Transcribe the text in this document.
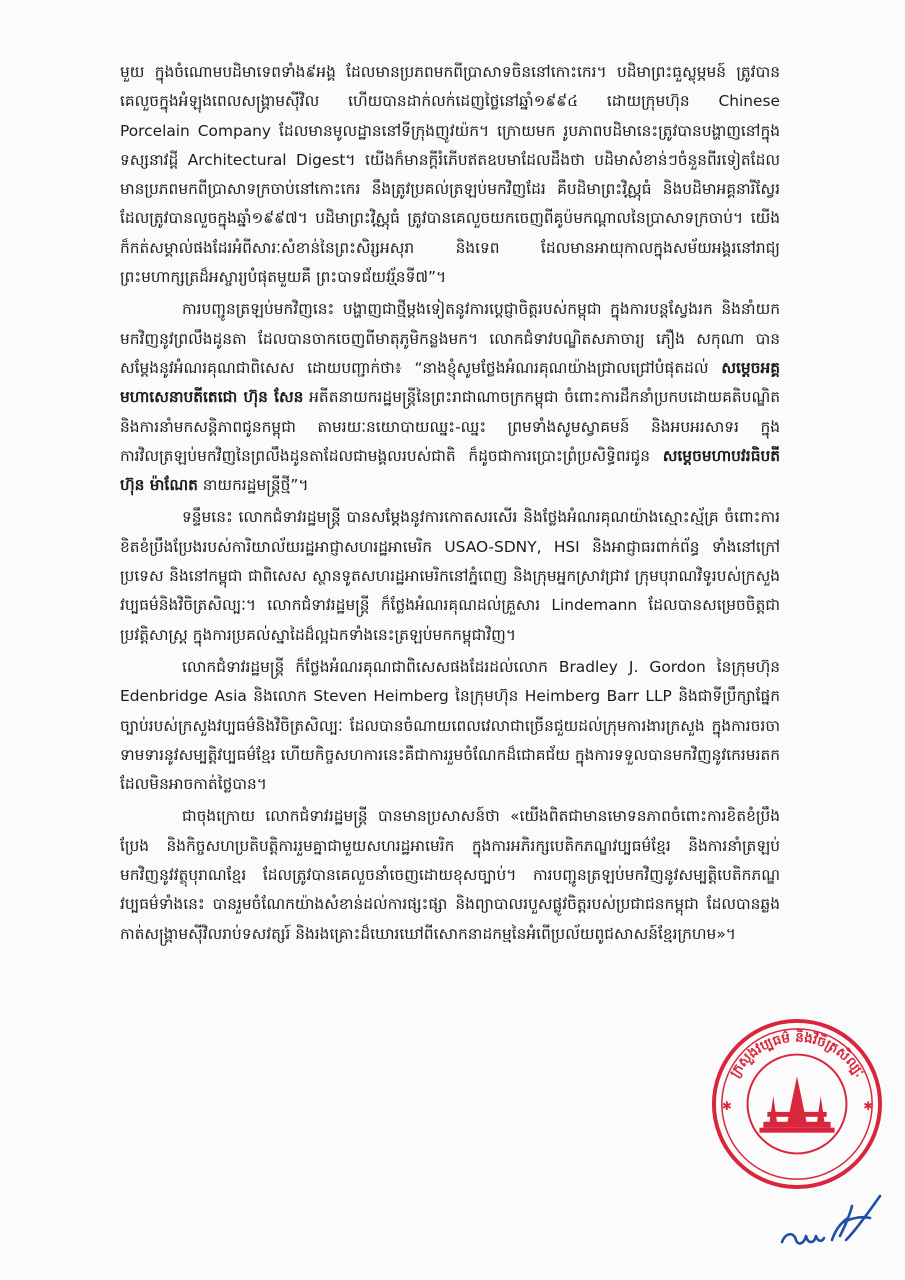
មួយ ក្នុងចំណោមបដិមាទេពទាំង៩អង្គ ដែលមានប្រភពមកពីប្រាសាទចិននៅកោះកេរ។ បដិមាព្រះធួស្លុម្ភមន៍ ត្រូវបានគេលួចក្នុងអំឡុងពេលសង្គ្រាមស៊ីវិល ហើយបានដាក់លក់ដេញថ្លៃនៅឆ្នាំ១៩៩៤ ដោយក្រុមហ៊ុន Chinese Porcelain Company ដែលមានមូលដ្ឋាននៅទីក្រុងញូវយ៉ក។ ក្រោយមក រូបភាពបដិមានេះត្រូវបានបង្ហាញនៅក្នុងទស្សនាវដ្តី Architectural Digest។ យើងក៏មានក្តីរំភើបឥតឧបមាដែលដឹងថា បដិមាសំខាន់ៗចំនួនពីរទៀតដែលមានប្រភពមកពីប្រាសាទក្រចាប់នៅកោះកេរ នឹងត្រូវប្រគល់ត្រឡប់មកវិញដែរ គឺបដិមាព្រះវិស្ណុធំ និងបដិមាអគ្គនារីស្វែរ ដែលត្រូវបានលួចក្នុងឆ្នាំ១៩៩៧។ បដិមាព្រះវិស្ណុធំ ត្រូវបានគេលួចយកចេញពីគូប៉មកណ្តាលនៃប្រាសាទក្រចាប់។ យើងក៏កត់សម្គាល់ផងដែរអំពីសារៈសំខាន់នៃព្រះសិរ្សអសុរា និងទេព ដែលមានអាយុកាលក្នុងសម័យអង្គរនៅរាជ្យព្រះមហាក្សត្រដ៏អស្ចារ្យបំផុតមួយគឺ ព្រះបាទជ័យវរ្ម័នទី៧”។

ការបញ្ជូនត្រឡប់មកវិញនេះ បង្ហាញជាថ្មីម្តងទៀតនូវការប្តេជ្ញាចិត្តរបស់កម្ពុជា ក្នុងការបន្តស្វែងរក និងនាំយកមកវិញនូវព្រលឹងដូនតា ដែលបានចាកចេញពីមាតុភូមិកន្លងមក។ លោកជំទាវបណ្ឌិតសភាចារ្យ ភឿង សកុណា បានសម្តែងនូវអំណរគុណជាពិសេស ដោយបញ្ជាក់ថា៖ “នាងខ្ញុំសូមថ្លែងអំណរគុណយ៉ាងជ្រាលជ្រៅបំផុតដល់ សម្តេចអគ្គមហាសេនាបតីតេជោ ហ៊ុន សែន អតីតនាយករដ្ឋមន្ត្រីនៃព្រះរាជាណាចក្រកម្ពុជា ចំពោះការដឹកនាំប្រកបដោយគតិបណ្ឌិត និងការនាំមកសន្តិភាពជូនកម្ពុជា តាមរយៈនយោបាយឈ្នះ-ឈ្នះ ព្រមទាំងសូមស្វាគមន៍ និងអបអរសាទរ ក្នុងការវិលត្រឡប់មកវិញនៃព្រលឹងដូនតាដែលជាមង្គលរបស់ជាតិ ក៏ដូចជាការប្រោះព្រំប្រសិទ្ធិពរជូន សម្តេចមហាបវរធិបតី ហ៊ុន ម៉ាណែត នាយករដ្ឋមន្ត្រីថ្មី”។

ទន្ទឹមនេះ លោកជំទាវរដ្ឋមន្ត្រី បានសម្តែងនូវការកោតសរសើរ និងថ្លែងអំណរគុណយ៉ាងស្មោះស្ម័គ្រ ចំពោះការខិតខំប្រឹងប្រែងរបស់ការិយាល័យរដ្ឋអាជ្ញាសហរដ្ឋអាមេរិក USAO-SDNY, HSI និងអាជ្ញាធរពាក់ព័ន្ធ ទាំងនៅក្រៅប្រទេស និងនៅកម្ពុជា ជាពិសេស ស្ថានទូតសហរដ្ឋអាមេរិកនៅភ្នំពេញ និងក្រុមអ្នកស្រាវជ្រាវ ក្រុមបុរាណវិទូរបស់ក្រសួងវប្បធម៌និងវិចិត្រសិល្បៈ។ លោកជំទាវរដ្ឋមន្ត្រី ក៏ថ្លែងអំណរគុណដល់គ្រួសារ Lindemann ដែលបានសម្រេចចិត្តជាប្រវត្តិសាស្ត្រ ក្នុងការប្រគល់ស្នាដៃដ៏ល្អឯកទាំងនេះត្រឡប់មកកម្ពុជាវិញ។

លោកជំទាវរដ្ឋមន្ត្រី ក៏ថ្លែងអំណរគុណជាពិសេសផងដែរដល់លោក Bradley J. Gordon នៃក្រុមហ៊ុន Edenbridge Asia និងលោក Steven Heimberg នៃក្រុមហ៊ុន Heimberg Barr LLP និងជាទីប្រឹក្សាផ្នែកច្បាប់របស់ក្រសួងវប្បធម៌និងវិចិត្រសិល្បៈ ដែលបានចំណាយពេលវេលាជាច្រើនជួយដល់ក្រុមការងារក្រសួង ក្នុងការចរចាទាមទារនូវសម្បត្តិវប្បធម៌ខ្មែរ ហើយកិច្ចសហការនេះគឺជាការរួមចំណែកដ៏ជោគជ័យ ក្នុងការទទួលបានមកវិញនូវកេរមរតកដែលមិនអាចកាត់ថ្លៃបាន។

ជាចុងក្រោយ លោកជំទាវរដ្ឋមន្ត្រី បានមានប្រសាសន៍ថា «យើងពិតជាមានមោទនភាពចំពោះការខិតខំប្រឹងប្រែង និងកិច្ចសហប្រតិបត្តិការរួមគ្នាជាមួយសហរដ្ឋអាមេរិក ក្នុងការអភិរក្សបេតិកភណ្ឌវប្បធម៌ខ្មែរ និងការនាំត្រឡប់មកវិញនូវវត្ថុបុរាណខ្មែរ ដែលត្រូវបានគេលួចនាំចេញដោយខុសច្បាប់។ ការបញ្ជូនត្រឡប់មកវិញនូវសម្បត្តិបេតិកភណ្ឌវប្បធម៌ទាំងនេះ បានរួមចំណែកយ៉ាងសំខាន់ដល់ការផ្សះផ្សា និងព្យាបាលរបួសផ្លូវចិត្តរបស់ប្រជាជនកម្ពុជា ដែលបានឆ្លងកាត់សង្គ្រាមស៊ីវិលរាប់ទសវត្សរ៍ និងរងគ្រោះដ៏ឃោរឃៅពីសោកនាដកម្មនៃអំពើប្រល័យពូជសាសន៍ខ្មែរក្រហម»។

ក្រសួងវប្បធម៌ និងវិចិត្រសិល្បៈ
✱	✱
